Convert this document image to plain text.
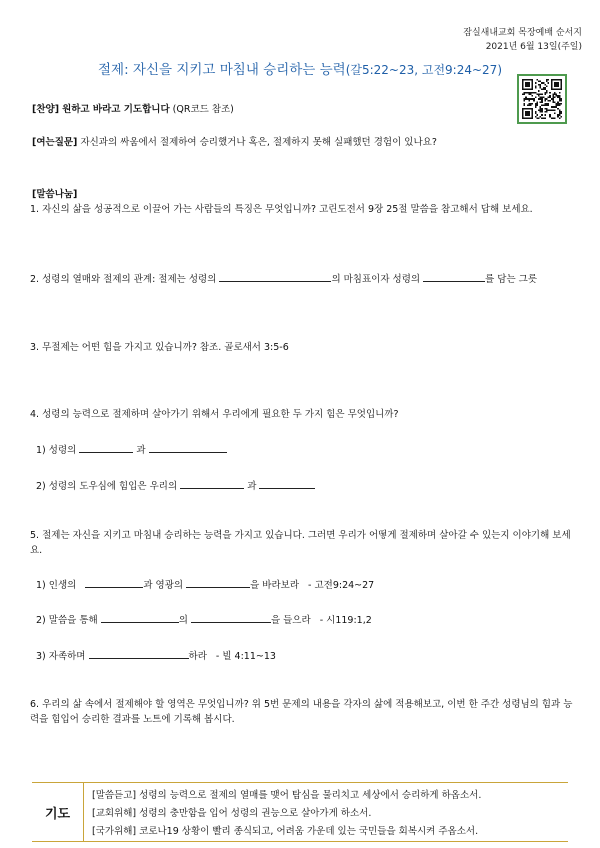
잠실새내교회 목장예배 순서지
2021년 6월 13일(주일)
절제: 자신을 지키고 마침내 승리하는 능력(갈5:22~23, 고전9:24~27)
[찬양] 원하고 바라고 기도합니다 (QR코드 참조)
[여는질문] 자신과의 싸움에서 절제하여 승리했거나 혹은, 절제하지 못해 실패했던 경험이 있나요?
[말씀나눔]
1. 자신의 삶을 성공적으로 이끌어 가는 사람들의 특징은 무엇입니까? 고린도전서 9장 25절 말씀을 참고해서 답해 보세요.
2. 성령의 열매와 절제의 관계: 절제는 성령의	의 마침표이자 성령의	를 담는 그릇
3. 무절제는 어떤 힘을 가지고 있습니까? 참조. 골로새서 3:5-6
4. 성령의 능력으로 절제하며 살아가기 위해서 우리에게 필요한 두 가지 힘은 무엇입니까?
1) 성령의	과
2) 성령의 도우심에 힘입은 우리의	과
5. 절제는 자신을 지키고 마침내 승리하는 능력을 가지고 있습니다. 그러면 우리가 어떻게 절제하며 살아갈 수 있는지 이야기해 보세요.
1) 인생의	과 영광의	을 바라보라 - 고전9:24~27
2) 말씀을 통해	의	을 들으라 - 시119:1,2
3) 자족하며	하라 - 빌 4:11~13
6. 우리의 삶 속에서 절제해야 할 영역은 무엇입니까? 위 5번 문제의 내용을 각자의 삶에 적용해보고, 이번 한 주간 성령님의 힘과 능력을 힘입어 승리한 결과를 노트에 기록해 봅시다.
기도
[말씀듣고] 성령의 능력으로 절제의 열매를 맺어 탐심을 물리치고 세상에서 승리하게 하옵소서.
[교회위해] 성령의 충만함을 입어 성령의 권능으로 살아가게 하소서.
[국가위해] 코로나19 상황이 빨리 종식되고, 어려움 가운데 있는 국민들을 회복시켜 주옵소서.
